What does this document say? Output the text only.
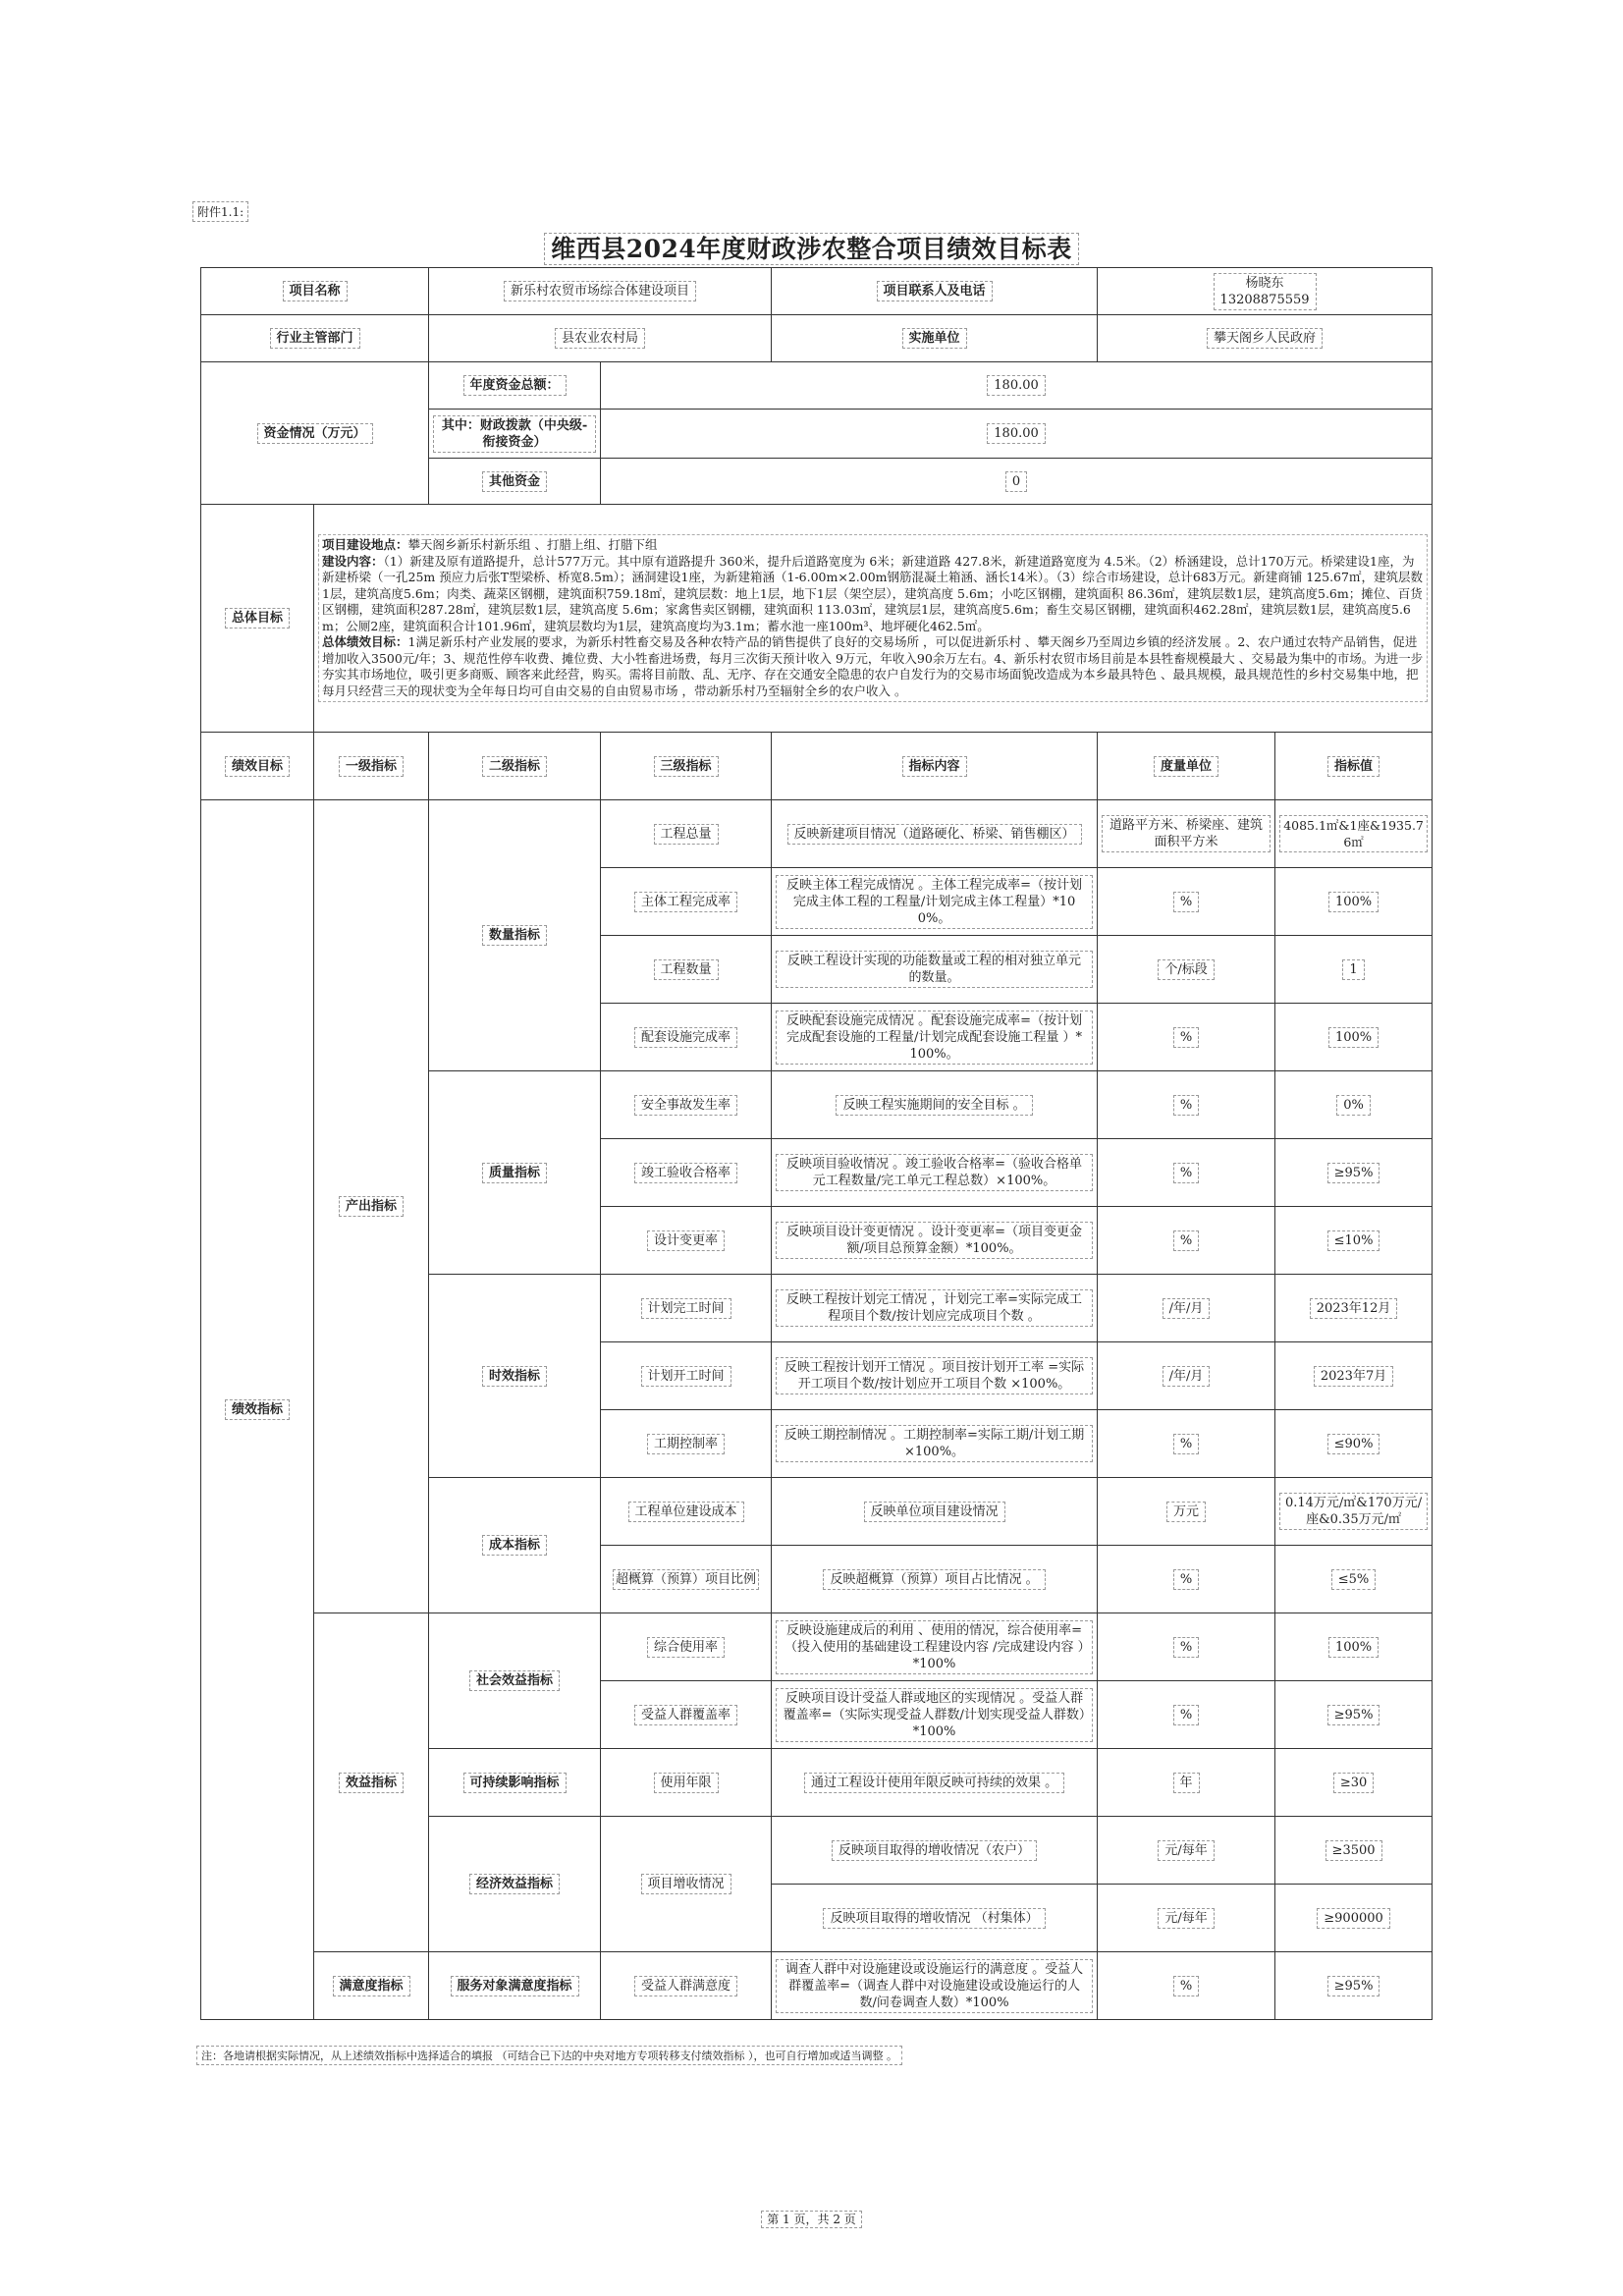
附件1.1:
维西县2024年度财政涉农整合项目绩效目标表
项目名称		新乐村农贸市场综合体建设项目		项目联系人及电话	杨晓东
13208875559	
行业主管部门		县农业农村局		实施单位	攀天阁乡人民政府	
资金情况（万元）		年度资金总额：	180.00			
		其中：财政拨款（中央级-衔接资金）	180.00			
		其他资金	0			
总体目标	项目建设地点：攀天阁乡新乐村新乐组 、打腊上组、打腊下组
建设内容：（1）新建及原有道路提升，总计577万元。其中原有道路提升 360米，提升后道路宽度为 6米；新建道路 427.8米，新建道路宽度为 4.5米。（2）桥涵建设，总计170万元。桥梁建设1座，为新建桥梁（一孔25m 预应力后张T型梁桥、桥宽8.5m）；涵洞建设1座，为新建箱涵（1-6.00m×2.00m钢筋混凝土箱涵、涵长14米）。（3）综合市场建设，总计683万元。新建商铺 125.67㎡，建筑层数1层，建筑高度5.6m；肉类、蔬菜区钢棚，建筑面积759.18㎡，建筑层数：地上1层，地下1层（架空层），建筑高度 5.6m；小吃区钢棚，建筑面积 86.36㎡，建筑层数1层，建筑高度5.6m；摊位、百货区钢棚，建筑面积287.28㎡，建筑层数1层，建筑高度 5.6m；家禽售卖区钢棚，建筑面积 113.03㎡，建筑层1层，建筑高度5.6m；畜生交易区钢棚，建筑面积462.28㎡，建筑层数1层，建筑高度5.6m；公厕2座，建筑面积合计101.96㎡，建筑层数均为1层，建筑高度均为3.1m；蓄水池一座100m³、地坪硬化462.5㎡。
总体绩效目标：1满足新乐村产业发展的要求，为新乐村牲畜交易及各种农特产品的销售提供了良好的交易场所 ，可以促进新乐村 、攀天阁乡乃至周边乡镇的经济发展 。2、农户通过农特产品销售，促进增加收入3500元/年；3、规范性停车收费、摊位费、大小牲畜进场费，每月三次街天预计收入 9万元，年收入90余万左右。4、新乐村农贸市场目前是本县牲畜规模最大 、交易最为集中的市场。为进一步夯实其市场地位，吸引更多商贩、顾客来此经营，购买。需将目前散、乱、无序、存在交通安全隐患的农户自发行为的交易市场面貌改造成为本乡最具特色 、最具规模，最具规范性的乡村交易集中地，把每月只经营三天的现状变为全年每日均可自由交易的自由贸易市场 ，带动新乐村乃至辐射全乡的农户收入 。					

绩效目标	一级指标	二级指标	三级指标	指标内容	度量单位	指标值
绩效指标	产出指标	数量指标	工程总量	反映新建项目情况（道路硬化、桥梁、销售棚区）	道路平方米、桥梁座、建筑面积平方米	4085.1㎡&1座&1935.76㎡
			主体工程完成率	反映主体工程完成情况 。主体工程完成率=（按计划完成主体工程的工程量/计划完成主体工程量）*100%。	%	100%
			工程数量	反映工程设计实现的功能数量或工程的相对独立单元的数量。	个/标段	1
			配套设施完成率	反映配套设施完成情况 。配套设施完成率=（按计划完成配套设施的工程量/计划完成配套设施工程量 ）*100%。	%	100%
		质量指标	安全事故发生率	反映工程实施期间的安全目标 。	%	0%
			竣工验收合格率	反映项目验收情况 。竣工验收合格率=（验收合格单元工程数量/完工单元工程总数）×100%。	%	≥95%
			设计变更率	反映项目设计变更情况 。设计变更率=（项目变更金额/项目总预算金额）*100%。	%	≤10%
		时效指标	计划完工时间	反映工程按计划完工情况 ，计划完工率=实际完成工程项目个数/按计划应完成项目个数 。	/年/月	2023年12月
			计划开工时间	反映工程按计划开工情况 。项目按计划开工率 =实际开工项目个数/按计划应开工项目个数 ×100%。	/年/月	2023年7月
			工期控制率	反映工期控制情况 。工期控制率=实际工期/计划工期×100%。	%	≤90%
		成本指标	工程单位建设成本	反映单位项目建设情况	万元	0.14万元/㎡&170万元/座&0.35万元/㎡
			超概算（预算）项目比例	反映超概算（预算）项目占比情况 。	%	≤5%
	效益指标	社会效益指标	综合使用率	反映设施建成后的利用 、使用的情况，综合使用率=（投入使用的基础建设工程建设内容 /完成建设内容 ）*100%	%	100%
			受益人群覆盖率	反映项目设计受益人群或地区的实现情况 。受益人群覆盖率=（实际实现受益人群数/计划实现受益人群数）*100%	%	≥95%
		可持续影响指标	使用年限	通过工程设计使用年限反映可持续的效果 。	年	≥30
		经济效益指标	项目增收情况	反映项目取得的增收情况（农户）	元/每年	≥3500
				反映项目取得的增收情况 （村集体）	元/每年	≥900000
	满意度指标	服务对象满意度指标	受益人群满意度	调查人群中对设施建设或设施运行的满意度 。受益人群覆盖率=（调查人群中对设施建设或设施运行的人数/问卷调查人数）*100%	%	≥95%
注：各地请根据实际情况，从上述绩效指标中选择适合的填报 （可结合已下达的中央对地方专项转移支付绩效指标 ），也可自行增加或适当调整 。
第 1 页，共 2 页
